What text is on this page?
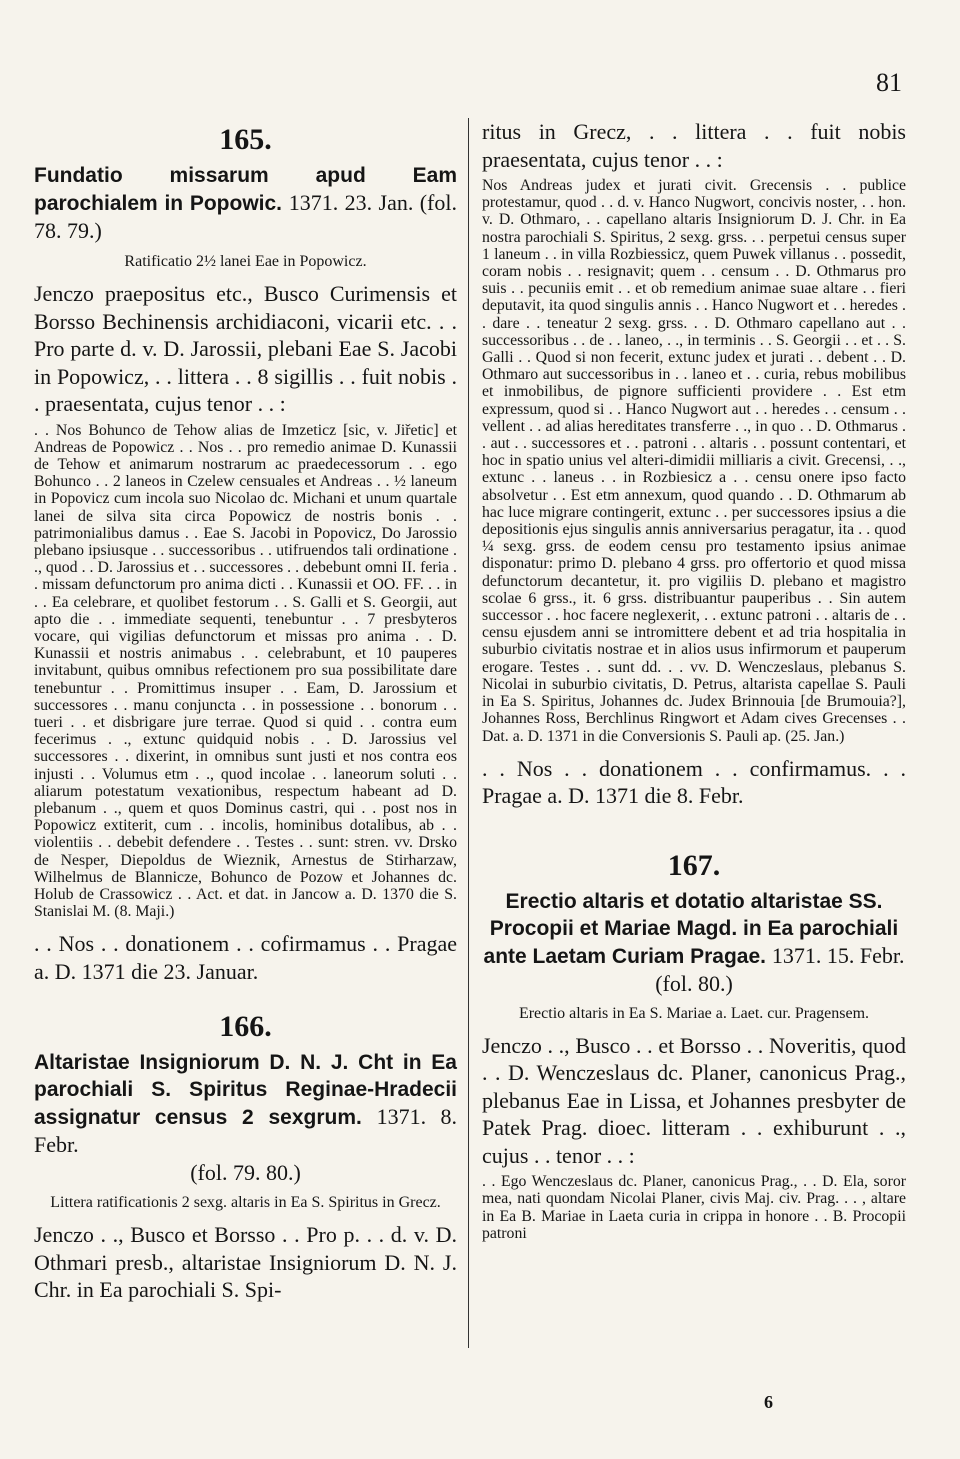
81
165.
Fundatio missarum apud Eam parochialem in Popowic. 1371. 23. Jan. (fol. 78. 79.)
Ratificatio 2½ lanei Eae in Popowicz.

Jenczo praepositus etc., Busco Curimensis et Borsso Bechinensis archidiaconi, vicarii etc. . . Pro parte d. v. D. Jarossii, plebani Eae S. Jacobi in Popowicz, . . littera . . 8 sigillis . . fuit nobis . . praesentata, cujus tenor . . :

. . Nos Bohunco de Tehow alias de Imzeticz [sic, v. Jiřetic] et Andreas de Popowicz . . Nos . . pro remedio animae D. Kunassii de Tehow et animarum nostrarum ac praedecessorum . . ego Bohunco . . 2 laneos in Czelew censuales et Andreas . . ½ laneum in Popovicz cum incola suo Nicolao dc. Michani et unum quartale lanei de silva sita circa Popowicz de nostris bonis . . patrimonialibus damus . . Eae S. Jacobi in Popovicz, Do Jarossio plebano ipsiusque . . successoribus . . utifruendos tali ordinatione . ., quod . . D. Jarossius et . . successores . . debebunt omni II. feria . . missam defunctorum pro anima dicti . . Kunassii et OO. FF. . . in . . Ea celebrare, et quolibet festorum . . S. Galli et S. Georgii, aut apto die . . immediate sequenti, tenebuntur . . 7 presbyteros vocare, qui vigilias defunctorum et missas pro anima . . D. Kunassii et nostris animabus . . celebrabunt, et 10 pauperes invitabunt, quibus omnibus refectionem pro sua possibilitate dare tenebuntur . . Promittimus insuper . . Eam, D. Jarossium et successores . . manu conjuncta . . in possessione . . bonorum . . tueri . . et disbrigare jure terrae. Quod si quid . . contra eum fecerimus . ., extunc quidquid nobis . . D. Jarossius vel successores . . dixerint, in omnibus sunt justi et nos contra eos injusti . . Volumus etm . ., quod incolae . . laneorum soluti . . aliarum potestatum vexationibus, respectum habeant ad D. plebanum . ., quem et quos Dominus castri, qui . . post nos in Popowicz extiterit, cum . . incolis, hominibus dotalibus, ab . . violentiis . . debebit defendere . . Testes . . sunt: stren. vv. Drsko de Nesper, Diepoldus de Wieznik, Arnestus de Stirharzaw, Wilhelmus de Blannicze, Bohunco de Pozow et Johannes dc. Holub de Crassowicz . . Act. et dat. in Jancow a. D. 1370 die S. Stanislai M. (8. Maji.)

. . Nos . . donationem . . cofirmamus . . Pragae a. D. 1371 die 23. Januar.

166.
Altaristae Insigniorum D. N. J. Cht in Ea parochiali S. Spiritus Reginae-Hradecii assignatur census 2 sexgrum. 1371. 8. Febr.
(fol. 79. 80.)
Littera ratificationis 2 sexg. altaris in Ea S. Spiritus in Grecz.

Jenczo . ., Busco et Borsso . . Pro p. . . d. v. D. Othmari presb., altaristae Insigniorum D. N. J. Chr. in Ea parochiali S. Spi-

ritus in Grecz, . . littera . . fuit nobis praesentata, cujus tenor . . :

Nos Andreas judex et jurati civit. Grecensis . . publice protestamur, quod . . d. v. Hanco Nugwort, concivis noster, . . hon. v. D. Othmaro, . . capellano altaris Insigniorum D. J. Chr. in Ea nostra parochiali S. Spiritus, 2 sexg. grss. . . perpetui census super 1 laneum . . in villa Rozbiessicz, quem Puwek villanus . . possedit, coram nobis . . resignavit; quem . . censum . . D. Othmarus pro suis . . pecuniis emit . . et ob remedium animae suae altare . . fieri deputavit, ita quod singulis annis . . Hanco Nugwort et . . heredes . . dare . . teneatur 2 sexg. grss. . . D. Othmaro capellano aut . . successoribus . . de . . laneo, . ., in terminis . . S. Georgii . . et . . S. Galli . . Quod si non fecerit, extunc judex et jurati . . debent . . D. Othmaro aut successoribus in . . laneo et . . curia, rebus mobilibus et inmobilibus, de pignore sufficienti providere . . Est etm expressum, quod si . . Hanco Nugwort aut . . heredes . . censum . . vellent . . ad alias hereditates transferre . ., in quo . . D. Othmarus . . aut . . successores et . . patroni . . altaris . . possunt contentari, et hoc in spatio unius vel alteri-dimidii milliaris a civit. Grecensi, . ., extunc . . laneus . . in Rozbiesicz a . . censu onere ipso facto absolvetur . . Est etm annexum, quod quando . . D. Othmarum ab hac luce migrare contingerit, extunc . . per successores ipsius a die depositionis ejus singulis annis anniversarius peragatur, ita . . quod ¼ sexg. grss. de eodem censu pro testamento ipsius animae disponatur: primo D. plebano 4 grss. pro offertorio et quod missa defunctorum decantetur, it. pro vigiliis D. plebano et magistro scolae 6 grss., it. 6 grss. distribuantur pauperibus . . Sin autem successor . . hoc facere neglexerit, . . extunc patroni . . altaris de . . censu ejusdem anni se intromittere debent et ad tria hospitalia in suburbio civitatis nostrae et in alios usus infirmorum et pauperum erogare. Testes . . sunt dd. . . vv. D. Wenczeslaus, plebanus S. Nicolai in suburbio civitatis, D. Petrus, altarista capellae S. Pauli in Ea S. Spiritus, Johannes dc. Judex Brinnouia [de Brumouia?], Johannes Ross, Berchlinus Ringwort et Adam cives Grecenses . . Dat. a. D. 1371 in die Conversionis S. Pauli ap. (25. Jan.)

. . Nos . . donationem . . confirmamus. . . Pragae a. D. 1371 die 8. Febr.

167.
Erectio altaris et dotatio altaristae SS. Procopii et Mariae Magd. in Ea parochiali ante Laetam Curiam Pragae. 1371. 15. Febr.
(fol. 80.)
Erectio altaris in Ea S. Mariae a. Laet. cur. Pragensem.

Jenczo . ., Busco . . et Borsso . . Noveritis, quod . . D. Wenczeslaus dc. Planer, canonicus Prag., plebanus Eae in Lissa, et Johannes presbyter de Patek Prag. dioec. litteram . . exhiburunt . ., cujus . . tenor . . :

. . Ego Wenczeslaus dc. Planer, canonicus Prag., . . D. Ela, soror mea, nati quondam Nicolai Planer, civis Maj. civ. Prag. . . , altare in Ea B. Mariae in Laeta curia in crippa in honore . . B. Procopii patroni

6
